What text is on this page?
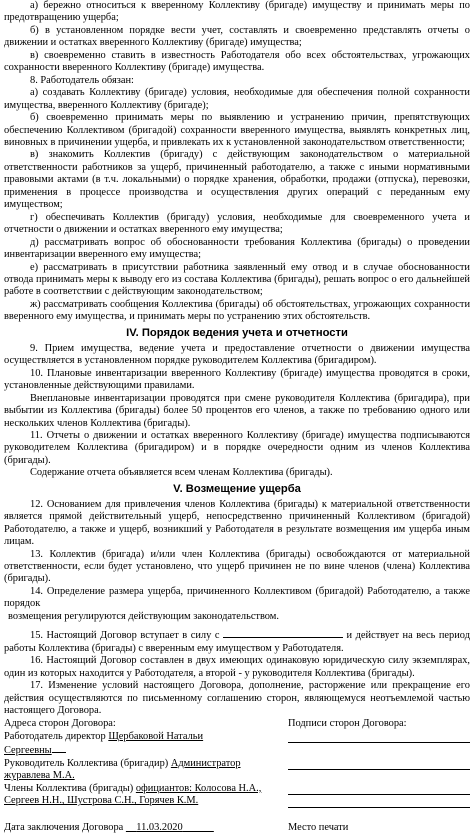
а) бережно относиться к вверенному Коллективу (бригаде) имуществу и принимать меры по предотвращению ущерба;

б) в установленном порядке вести учет, составлять и своевременно представлять отчеты о движении и остатках вверенного Коллективу (бригаде) имущества;

в) своевременно ставить в известность Работодателя обо всех обстоятельствах, угрожающих сохранности вверенного Коллективу (бригаде) имущества.

8. Работодатель обязан:

а) создавать Коллективу (бригаде) условия, необходимые для обеспечения полной сохранности имущества, вверенного Коллективу (бригаде);

б) своевременно принимать меры по выявлению и устранению причин, препятствующих обеспечению Коллективом (бригадой) сохранности вверенного имущества, выявлять конкретных лиц, виновных в причинении ущерба, и привлекать их к установленной законодательством ответственности;

в) знакомить Коллектив (бригаду) с действующим законодательством о материальной ответственности работников за ущерб, причиненный работодателю, а также с иными нормативными правовыми актами (в т.ч. локальными) о порядке хранения, обработки, продажи (отпуска), перевозки, применения в процессе производства и осуществления других операций с переданным ему имуществом;

г) обеспечивать Коллектив (бригаду) условия, необходимые для своевременного учета и отчетности о движении и остатках вверенного ему имущества;

д) рассматривать вопрос об обоснованности требования Коллектива (бригады) о проведении инвентаризации вверенного ему имущества;

е) рассматривать в присутствии работника заявленный ему отвод и в случае обоснованности отвода принимать меры к выводу его из состава Коллектива (бригады), решать вопрос о его дальнейшей работе в соответствии с действующим законодательством;

ж) рассматривать сообщения Коллектива (бригады) об обстоятельствах, угрожающих сохранности вверенного ему имущества, и принимать меры по устранению этих обстоятельств.

IV. Порядок ведения учета и отчетности

9. Прием имущества, ведение учета и предоставление отчетности о движении имущества осуществляется в установленном порядке руководителем Коллектива (бригадиром).

10. Плановые инвентаризации вверенного Коллективу (бригаде) имущества проводятся в сроки, установленные действующими правилами.

Внеплановые инвентаризации проводятся при смене руководителя Коллектива (бригадира), при выбытии из Коллектива (бригады) более 50 процентов его членов, а также по требованию одного или нескольких членов Коллектива (бригады).

11. Отчеты о движении и остатках вверенного Коллективу (бригаде) имущества подписываются руководителем Коллектива (бригадиром) и в порядке очередности одним из членов Коллектива (бригады).

Содержание отчета объявляется всем членам Коллектива (бригады).

V. Возмещение ущерба

12. Основанием для привлечения членов Коллектива (бригады) к материальной ответственности является прямой действительный ущерб, непосредственно причиненный Коллективом (бригадой) Работодателю, а также и ущерб, возникший у Работодателя в результате возмещения им ущерба иным лицам.

13. Коллектив (бригада) и/или член Коллектива (бригады) освобождаются от материальной ответственности, если будет установлено, что ущерб причинен не по вине членов (члена) Коллектива (бригады).

14. Определение размера ущерба, причиненного Коллективом (бригадой) Работодателю, а также порядок

возмещения регулируются действующим законодательством.

15. Настоящий Договор вступает в силу с	и действует на весь период работы Коллектива (бригады) с вверенным ему имуществом у Работодателя.

16. Настоящий Договор составлен в двух имеющих одинаковую юридическую силу экземплярах, один из которых находится у Работодателя, а второй - у руководителя Коллектива (бригады).

17. Изменение условий настоящего Договора, дополнение, расторжение или прекращение его действия осуществляются по письменному соглашению сторон, являющемуся неотъемлемой частью настоящего Договора.

Адреса сторон Договора:	Подписи сторон Договора:
Работодатель директор Щербаковой Натальи
Сергеевны
Руководитель Коллектива (бригадир) Администратор
журавлева М.А.
Члены Коллектива (бригады) официантов: Колосова Н.А.,
Сергеев Н.Н., Шустрова С.Н., Горячев К.М.
Дата заключения Договора 11.03.2020	Место печати
